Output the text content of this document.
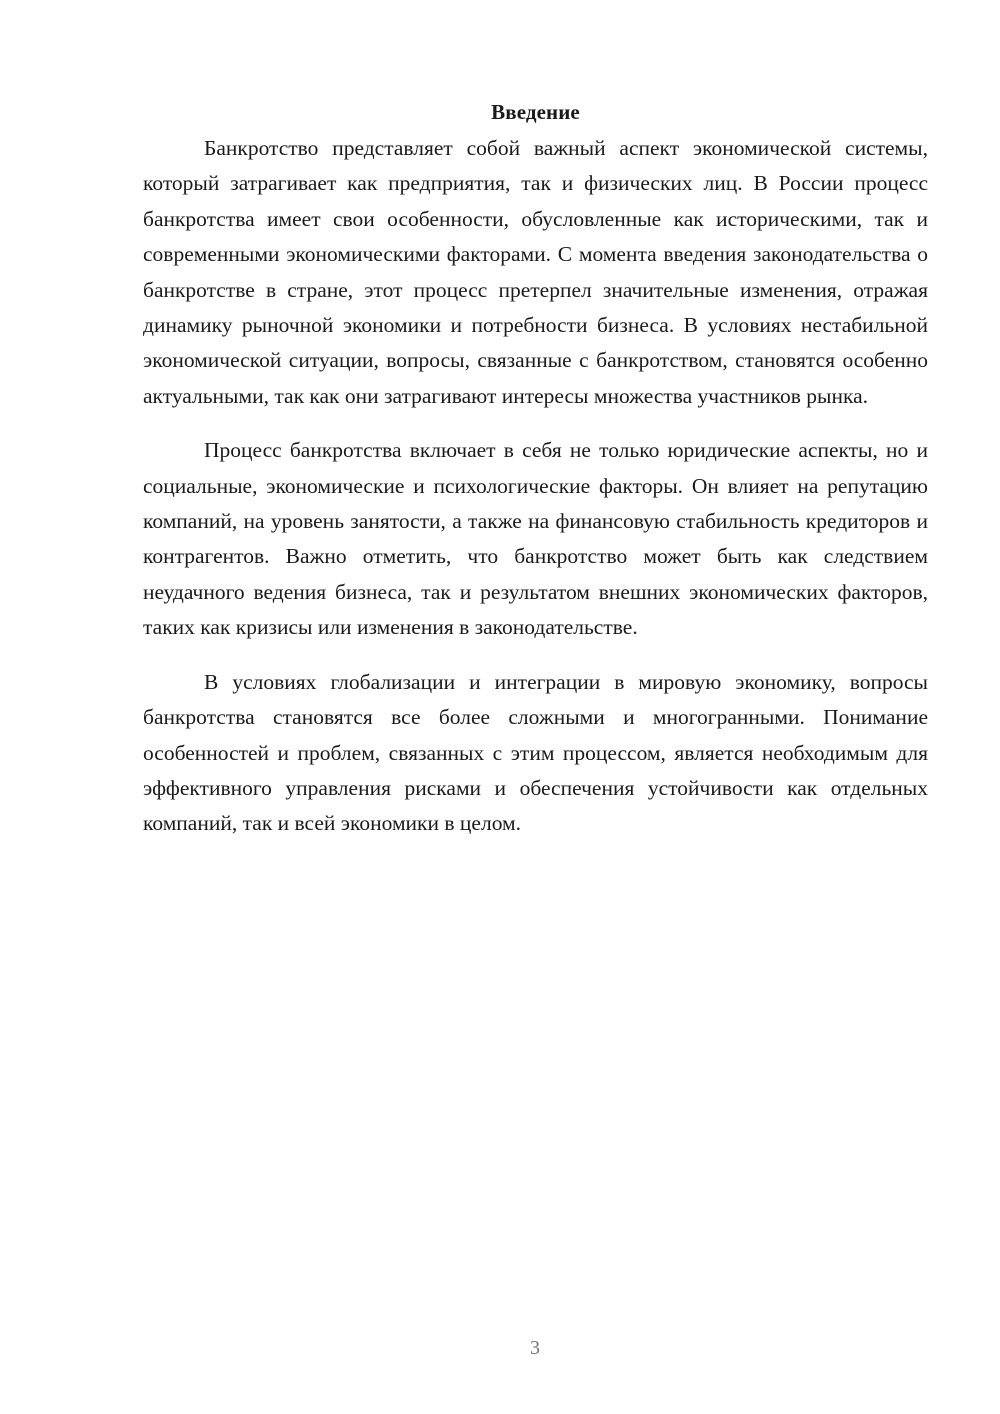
Введение

Банкротство представляет собой важный аспект экономической системы, который затрагивает как предприятия, так и физических лиц. В России процесс банкротства имеет свои особенности, обусловленные как историческими, так и современными экономическими факторами. С момента введения законодательства о банкротстве в стране, этот процесс претерпел значительные изменения, отражая динамику рыночной экономики и потребности бизнеса. В условиях нестабильной экономической ситуации, вопросы, связанные с банкротством, становятся особенно актуальными, так как они затрагивают интересы множества участников рынка.

Процесс банкротства включает в себя не только юридические аспекты, но и социальные, экономические и психологические факторы. Он влияет на репутацию компаний, на уровень занятости, а также на финансовую стабильность кредиторов и контрагентов. Важно отметить, что банкротство может быть как следствием неудачного ведения бизнеса, так и результатом внешних экономических факторов, таких как кризисы или изменения в законодательстве.

В условиях глобализации и интеграции в мировую экономику, вопросы банкротства становятся все более сложными и многогранными. Понимание особенностей и проблем, связанных с этим процессом, является необходимым для эффективного управления рисками и обеспечения устойчивости как отдельных компаний, так и всей экономики в целом.

3
